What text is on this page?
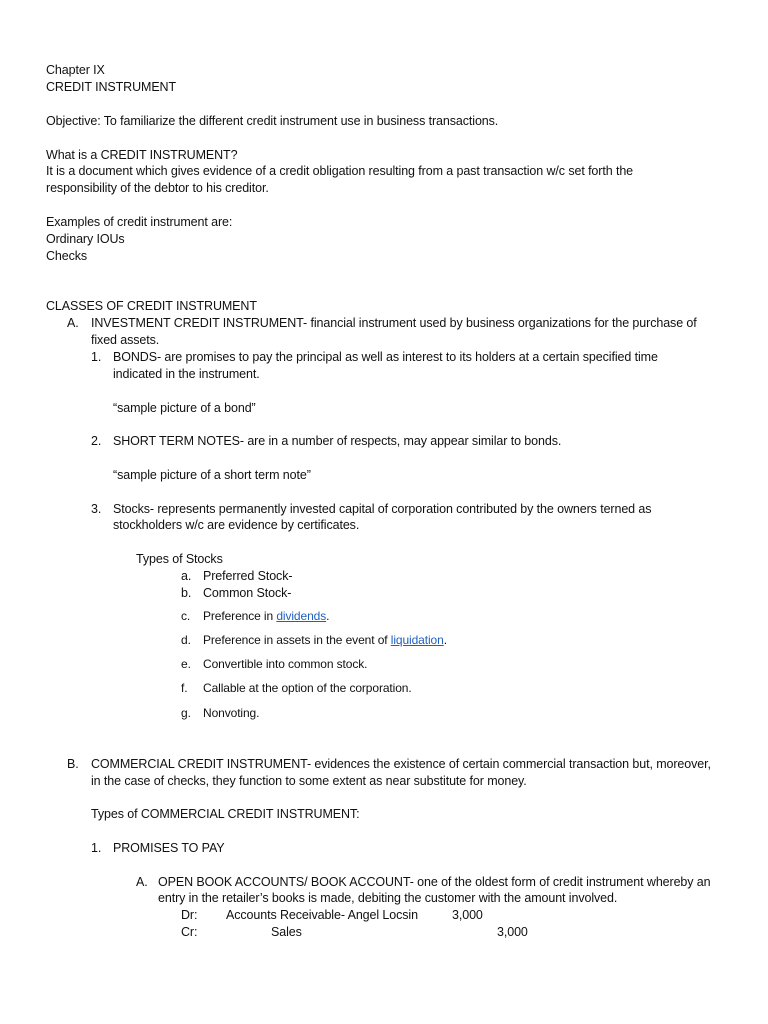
Chapter IX
CREDIT INSTRUMENT
Objective: To familiarize the different credit instrument use in business transactions.
What is a CREDIT INSTRUMENT?
It is a document which gives evidence of a credit obligation resulting from a past transaction w/c set forth the
responsibility of the debtor to his creditor.
Examples of credit instrument are:
Ordinary IOUs
Checks
CLASSES OF CREDIT INSTRUMENT
A. INVESTMENT CREDIT INSTRUMENT- financial instrument used by business organizations for the purchase of
fixed assets.
1. BONDS- are promises to pay the principal as well as interest to its holders at a certain specified time
indicated in the instrument.
“sample picture of a bond”
2. SHORT TERM NOTES- are in a number of respects, may appear similar to bonds.
“sample picture of a short term note”
3. Stocks- represents permanently invested capital of corporation contributed by the owners terned as
stockholders w/c are evidence by certificates.
Types of Stocks
a. Preferred Stock-
b. Common Stock-
c. Preference in dividends.
d. Preference in assets in the event of liquidation.
e. Convertible into common stock.
f. Callable at the option of the corporation.
g. Nonvoting.
B. COMMERCIAL CREDIT INSTRUMENT- evidences the existence of certain commercial transaction but, moreover,
in the case of checks, they function to some extent as near substitute for money.
Types of COMMERCIAL CREDIT INSTRUMENT:
1. PROMISES TO PAY
A. OPEN BOOK ACCOUNTS/ BOOK ACCOUNT- one of the oldest form of credit instrument whereby an
entry in the retailer’s books is made, debiting the customer with the amount involved.
Dr: Accounts Receivable- Angel Locsin	3,000
Cr:	Sales	3,000
